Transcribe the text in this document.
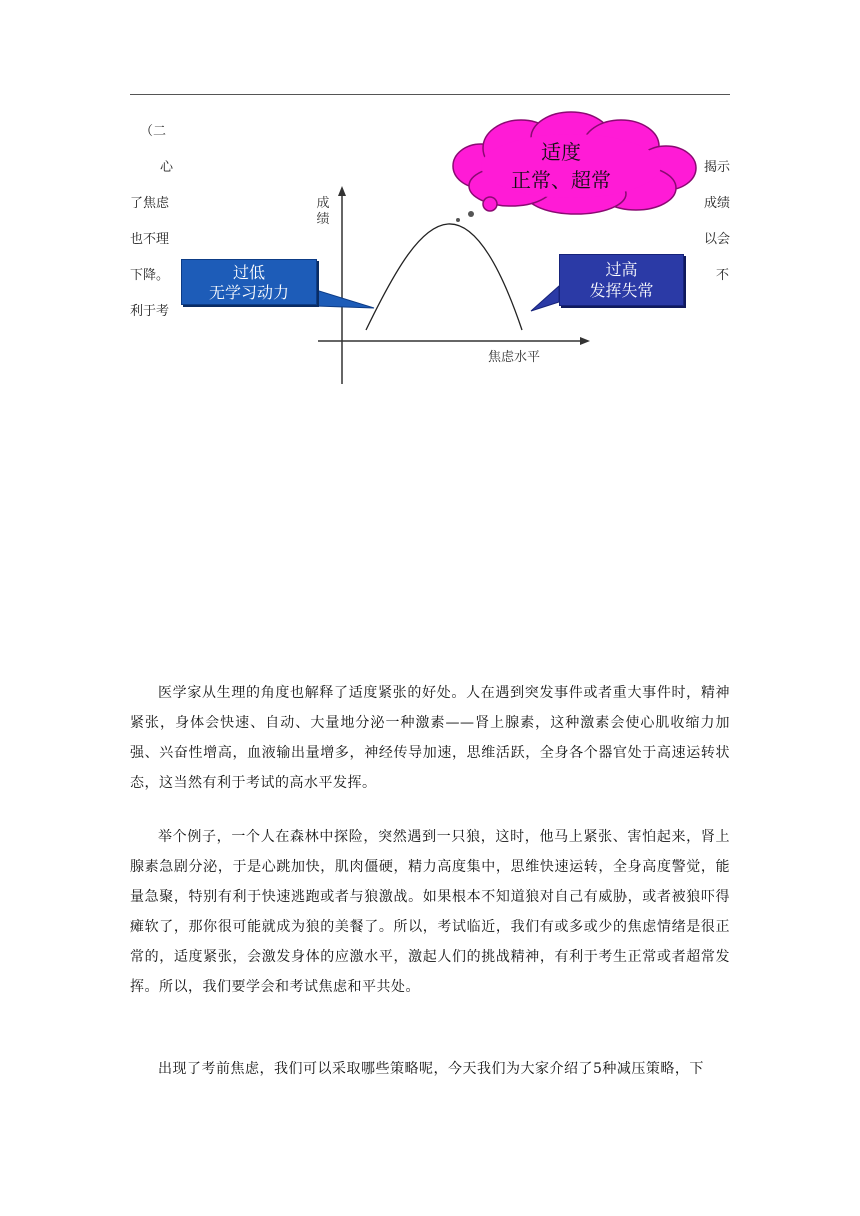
（二
心
了焦虑
也不理
下降。
利于考
揭示
成绩
以会
不
成绩
焦虑水平
过低
无学习动力
过高
发挥失常
适度
正常、超常

医学家从生理的角度也解释了适度紧张的好处。人在遇到突发事件或者重大事件时，精神紧张，身体会快速、自动、大量地分泌一种激素——肾上腺素，这种激素会使心肌收缩力加强、兴奋性增高，血液输出量增多，神经传导加速，思维活跃，全身各个器官处于高速运转状态，这当然有利于考试的高水平发挥。

举个例子，一个人在森林中探险，突然遇到一只狼，这时，他马上紧张、害怕起来，肾上腺素急剧分泌，于是心跳加快，肌肉僵硬，精力高度集中，思维快速运转，全身高度警觉，能量急聚，特别有利于快速逃跑或者与狼激战。如果根本不知道狼对自己有威胁，或者被狼吓得瘫软了，那你很可能就成为狼的美餐了。所以，考试临近，我们有或多或少的焦虑情绪是很正常的，适度紧张，会激发身体的应激水平，激起人们的挑战精神，有利于考生正常或者超常发挥。所以，我们要学会和考试焦虑和平共处。

出现了考前焦虑，我们可以采取哪些策略呢，今天我们为大家介绍了5种减压策略，下
